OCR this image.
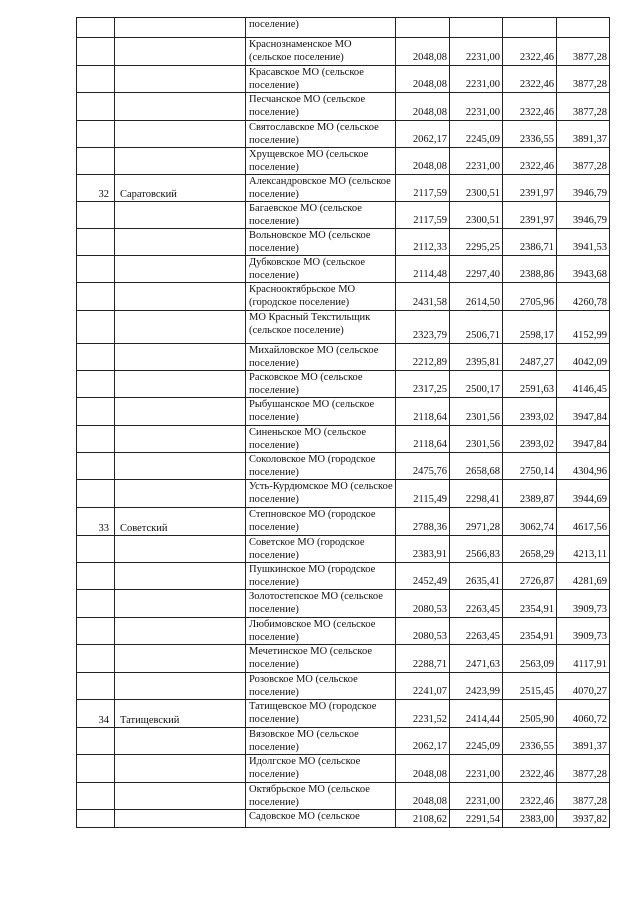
		поселение)				
		Краснознаменское МО (сельское поселение)	2048,08	2231,00	2322,46	3877,28
		Красавское МО (сельское поселение)	2048,08	2231,00	2322,46	3877,28
		Песчанское МО (сельское поселение)	2048,08	2231,00	2322,46	3877,28
		Святославское МО (сельское поселение)	2062,17	2245,09	2336,55	3891,37
		Хрущевское МО (сельское поселение)	2048,08	2231,00	2322,46	3877,28
32	Саратовский	Александровское МО (сельское поселение)	2117,59	2300,51	2391,97	3946,79
		Багаевское МО (сельское поселение)	2117,59	2300,51	2391,97	3946,79
		Вольновское МО (сельское поселение)	2112,33	2295,25	2386,71	3941,53
		Дубковское МО (сельское поселение)	2114,48	2297,40	2388,86	3943,68
		Краснооктябрьское МО (городское поселение)	2431,58	2614,50	2705,96	4260,78
		МО Красный Текстильщик (сельское поселение)	2323,79	2506,71	2598,17	4152,99
		Михайловское МО (сельское поселение)	2212,89	2395,81	2487,27	4042,09
		Расковское МО (сельское поселение)	2317,25	2500,17	2591,63	4146,45
		Рыбушанское МО (сельское поселение)	2118,64	2301,56	2393,02	3947,84
		Синеньское МО (сельское поселение)	2118,64	2301,56	2393,02	3947,84
		Соколовское МО (городское поселение)	2475,76	2658,68	2750,14	4304,96
		Усть-Курдюмское МО (сельское поселение)	2115,49	2298,41	2389,87	3944,69
33	Советский	Степновское МО (городское поселение)	2788,36	2971,28	3062,74	4617,56
		Советское МО (городское поселение)	2383,91	2566,83	2658,29	4213,11
		Пушкинское МО (городское поселение)	2452,49	2635,41	2726,87	4281,69
		Золотостепское МО (сельское поселение)	2080,53	2263,45	2354,91	3909,73
		Любимовское МО (сельское поселение)	2080,53	2263,45	2354,91	3909,73
		Мечетинское МО (сельское поселение)	2288,71	2471,63	2563,09	4117,91
		Розовское МО (сельское поселение)	2241,07	2423,99	2515,45	4070,27
34	Татищевский	Татищевское МО (городское поселение)	2231,52	2414,44	2505,90	4060,72
		Вязовское МО (сельское поселение)	2062,17	2245,09	2336,55	3891,37
		Идолгское МО (сельское поселение)	2048,08	2231,00	2322,46	3877,28
		Октябрьское МО (сельское поселение)	2048,08	2231,00	2322,46	3877,28
		Садовское МО (сельское	2108,62	2291,54	2383,00	3937,82
